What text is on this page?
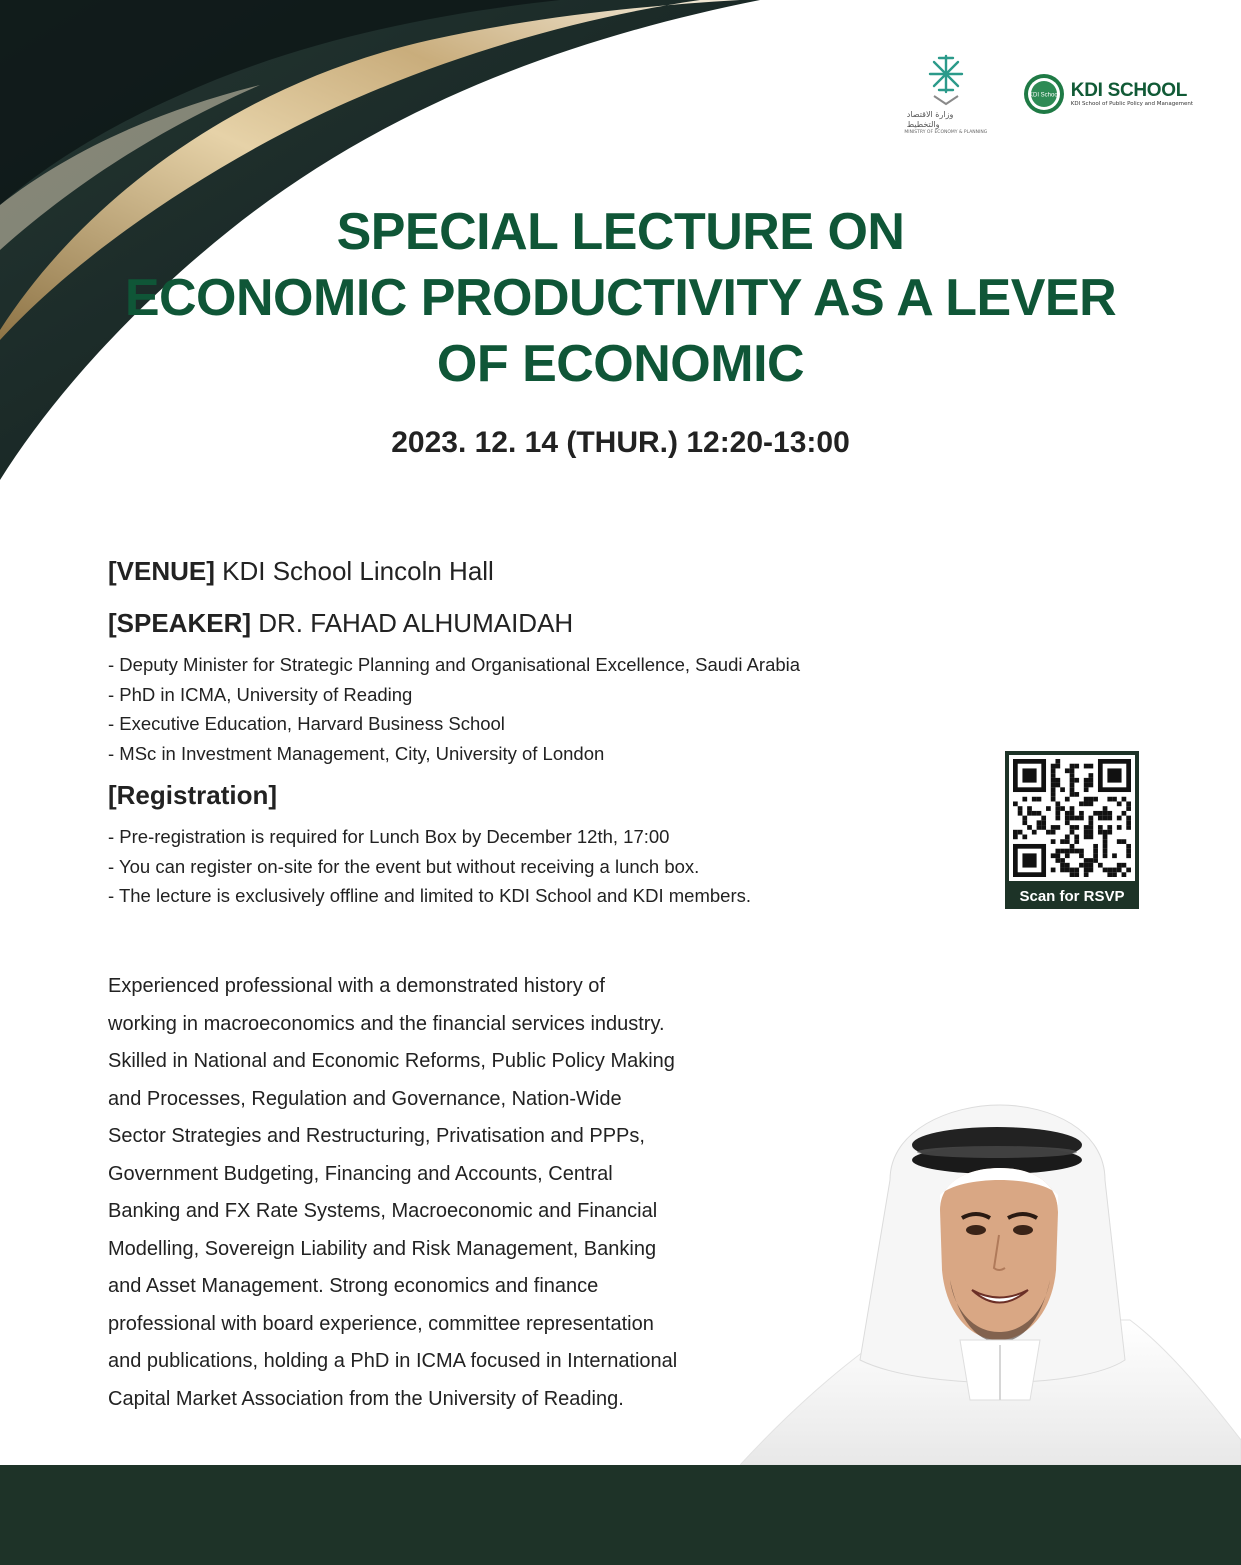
وزارة الاقتصاد والتخطيط
MINISTRY OF ECONOMY & PLANNING
KDI School KDI SCHOOL
KDI School of Public Policy and Management
SPECIAL LECTURE ON
ECONOMIC PRODUCTIVITY AS A LEVER
OF ECONOMIC
2023. 12. 14 (THUR.) 12:20-13:00
[VENUE] KDI School Lincoln Hall
[SPEAKER] DR. FAHAD ALHUMAIDAH
- Deputy Minister for Strategic Planning and Organisational Excellence, Saudi Arabia
- PhD in ICMA, University of Reading
- Executive Education, Harvard Business School
- MSc in Investment Management, City, University of London
[Registration]
- Pre-registration is required for Lunch Box by December 12th, 17:00
- You can register on-site for the event but without receiving a lunch box.
- The lecture is exclusively offline and limited to KDI School and KDI members.	Scan for RSVP
Experienced professional with a demonstrated history of
working in macroeconomics and the financial services industry.
Skilled in National and Economic Reforms, Public Policy Making
and Processes, Regulation and Governance, Nation-Wide
Sector Strategies and Restructuring, Privatisation and PPPs,
Government Budgeting, Financing and Accounts, Central
Banking and FX Rate Systems, Macroeconomic and Financial
Modelling, Sovereign Liability and Risk Management, Banking
and Asset Management. Strong economics and finance
professional with board experience, committee representation
and publications, holding a PhD in ICMA focused in International
Capital Market Association from the University of Reading.
